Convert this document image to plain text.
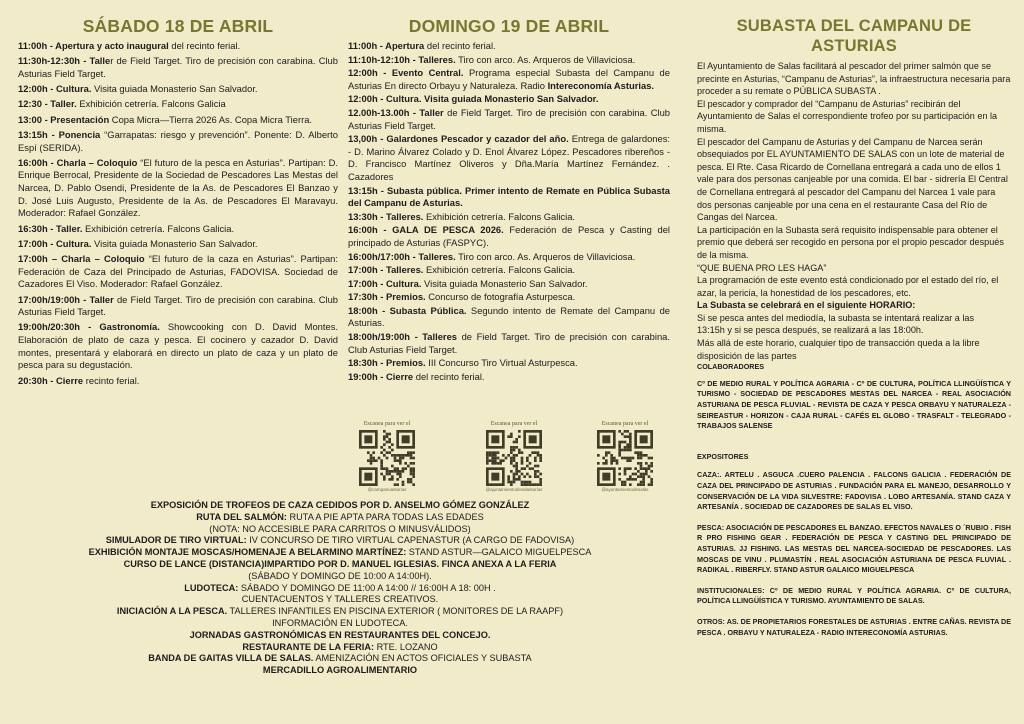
SÁBADO 18 DE ABRIL

11:00h - Apertura y acto inaugural del recinto ferial.

11:30h-12:30h - Taller de Field Target. Tiro de precisión con carabina. Club Asturias Field Target.

12:00h - Cultura. Visita guiada Monasterio San Salvador.

12:30 - Taller. Exhibición cetrería. Falcons Galicia

13:00 - Presentación Copa Micra—Tierra 2026 As. Copa Micra Tierra.

13:15h - Ponencia “Garrapatas: riesgo y prevención”. Ponente: D. Alberto Espí (SERIDA).

16:00h - Charla – Coloquio “El futuro de la pesca en Asturias”. Partipan: D. Enrique Berrocal, Presidente de la Sociedad de Pescadores Las Mestas del Narcea, D. Pablo Osendi, Presidente de la As. de Pescadores El Banzao y D. José Luis Augusto, Presidente de la As. de Pescadores El Maravayu. Moderador: Rafael González.

16:30h - Taller. Exhibición cetrería. Falcons Galicia.

17:00h - Cultura. Visita guiada Monasterio San Salvador.

17:00h – Charla – Coloquio “El futuro de la caza en Asturias”. Partipan: Federación de Caza del Principado de Asturias, FADOVISA. Sociedad de Cazadores El Viso. Moderador: Rafael González.

17:00h/19:00h - Taller de Field Target. Tiro de precisión con carabina. Club Asturias Field Target.

19:00h/20:30h - Gastronomía. Showcooking con D. David Montes. Elaboración de plato de caza y pesca. El cocinero y cazador D. David montes, presentará y elaborará en directo un plato de caza y un plato de pesca para su degustación.

20:30h - Cierre recinto ferial.

DOMINGO 19 DE ABRIL

11:00h - Apertura del recinto ferial.

11:10h-12:10h - Talleres. Tiro con arco. As. Arqueros de Villaviciosa.

12:00h - Evento Central. Programa especial Subasta del Campanu de Asturias En directo Orbayu y Naturaleza. Radio Intereconomía Asturias.

12:00h - Cultura. Visita guiada Monasterio San Salvador.

12.00h-13.00h - Taller de Field Target. Tiro de precisión con carabina. Club Asturias Field Target.

13,00h - Galardones Pescador y cazador del año. Entrega de galardones: - D. Marino Álvarez Colado y D. Enol Álvarez López. Pescadores ribereños - D. Francisco Martínez Oliveros y Dña.María Martínez Fernández. . Cazadores

13:15h - Subasta pública. Primer intento de Remate en Pública Subasta del Campanu de Asturias.

13:30h - Talleres. Exhibición cetrería. Falcons Galicia.

16:00h - GALA DE PESCA 2026. Federación de Pesca y Casting del principado de Asturias (FASPYC).

16:00h/17:00h - Talleres. Tiro con arco. As. Arqueros de Villaviciosa.

17:00h - Talleres. Exhibición cetrería. Falcons Galicia.

17:00h - Cultura. Visita guiada Monasterio San Salvador.

17:30h - Premios. Concurso de fotografía Asturpesca.

18:00h - Subasta Pública. Segundo intento de Remate del Campanu de Asturias.

18:00h/19:00h - Talleres de Field Target. Tiro de precisión con carabina. Club Asturias Field Target.

18:30h - Premios. III Concurso Tiro Virtual Asturpesca.

19:00h - Cierre del recinto ferial.

Escanea para ver el
@campanuasturias
Escanea para ver el
@ajuntamientodesalasturias
Escanea para ver el
@ayuntamientodesalas
SUBASTA DEL CAMPANU DE ASTURIAS

El Ayuntamiento de Salas facilitará al pescador del primer salmón que se precinte en Asturias, “Campanu de Asturias”, la infraestructura necesaria para proceder a su remate o PÚBLICA SUBASTA .

El pescador y comprador del “Campanu de Asturias” recibirán del Ayuntamiento de Salas el correspondiente trofeo por su participación en la misma.

El pescador del Campanu de Asturias y del Campanu de Narcea serán obsequiados por EL AYUNTAMIENTO DE SALAS con un lote de material de pesca. El Rte. Casa Ricardo de Cornellana entregará a cada uno de ellos 1 vale para dos personas canjeable por una comida. El bar - sidrería El Central de Cornellana entregará al pescador del Campanu del Narcea 1 vale para dos personas canjeable por una cena en el restaurante Casa del Río de Cangas del Narcea.

La participación en la Subasta será requisito indispensable para obtener el premio que deberá ser recogido en persona por el propio pescador después de la misma.

“QUE BUENA PRO LES HAGA”

La programación de este evento está condicionado por el estado del río, el azar, la pericia, la honestidad de los pescadores, etc.

La Subasta se celebrará en el siguiente HORARIO:

Si se pesca antes del mediodía, la subasta se intentará realizar a las

13:15h y si se pesca después, se realizará a las 18:00h.

Más allá de este horario, cualquier tipo de transacción queda a la libre disposición de las partes

COLABORADORES

Cº DE MEDIO RURAL Y POLÍTICA AGRARIA - Cº DE CULTURA, POLÍTICA LLINGÜÍSTICA Y TURISMO - SOCIEDAD DE PESCADORES MESTAS DEL NARCEA - REAL ASOCIACIÓN ASTURIANA DE PESCA FLUVIAL - REVISTA DE CAZA Y PESCA ORBAYU Y NATURALEZA - SEIREASTUR - HORIZON - CAJA RURAL - CAFÉS EL GLOBO - TRASFALT - TELEGRADO - TRABAJOS SALENSE

EXPOSITORES

CAZA:. ARTELU . ASGUCA .CUERO PALENCIA . FALCONS GALICIA . FEDERACIÓN DE CAZA DEL PRINCIPADO DE ASTURIAS . FUNDACIÓN PARA EL MANEJO, DESARROLLO Y CONSERVACIÓN DE LA VIDA SILVESTRE: FADOVISA . LOBO ARTESANÍA. STAND CAZA Y ARTESANÍA . SOCIEDAD DE CAZADORES DE SALAS EL VISO.

PESCA: ASOCIACIÓN DE PESCADORES EL BANZAO. EFECTOS NAVALES O ´RUBIO . FISH R PRO FISHING GEAR . FEDERACIÓN DE PESCA Y CASTING DEL PRINCIPADO DE ASTURIAS. JJ FISHING. LAS MESTAS DEL NARCEA-SOCIEDAD DE PESCADORES. LAS MOSCAS DE VINU . PLUMASTÍN . REAL ASOCIACIÓN ASTURIANA DE PESCA FLUVIAL . RADIKAL . RIBERFLY. STAND ASTUR GALAICO MIGUELPESCA

INSTITUCIONALES: Cº DE MEDIO RURAL Y POLÍTICA AGRARIA. Cº DE CULTURA, POLÍTICA LLINGÜÍSTICA Y TURISMO. AYUNTAMIENTO DE SALAS.

OTROS: AS. DE PROPIETARIOS FORESTALES DE ASTURIAS . ENTRE CAÑAS. REVISTA DE PESCA . ORBAYU Y NATURALEZA - RADIO INTERECONOMÍA ASTURIAS.

EXPOSICIÓN DE TROFEOS DE CAZA CEDIDOS POR D. ANSELMO GÓMEZ GONZÁLEZ

RUTA DEL SALMÓN: RUTA A PIE APTA PARA TODAS LAS EDADES

(NOTA: NO ACCESIBLE PARA CARRITOS O MINUSVÁLIDOS)

SIMULADOR DE TIRO VIRTUAL: IV CONCURSO DE TIRO VIRTUAL CAPENASTUR (A CARGO DE FADOVISA)

EXHIBICIÓN MONTAJE MOSCAS/HOMENAJE A BELARMINO MARTÍNEZ: STAND ASTUR—GALAICO MIGUELPESCA

CURSO DE LANCE (DISTANCIA)IMPARTIDO POR D. MANUEL IGLESIAS. FINCA ANEXA A LA FERIA

(SÁBADO Y DOMINGO DE 10:00 A 14:00H).

LUDOTECA: SÁBADO Y DOMINGO DE 11:00 A 14:00 // 16:00H A 18: 00H .

CUENTACUENTOS Y TALLERES CREATIVOS.

INICIACIÓN A LA PESCA. TALLERES INFANTILES EN PISCINA EXTERIOR ( MONITORES DE LA RAAPF)

INFORMACIÓN EN LUDOTECA.

JORNADAS GASTRONÓMICAS EN RESTAURANTES DEL CONCEJO.

RESTAURANTE DE LA FERIA: RTE. LOZANO

BANDA DE GAITAS VILLA DE SALAS. AMENIZACIÓN EN ACTOS OFICIALES Y SUBASTA

MERCADILLO AGROALIMENTARIO
